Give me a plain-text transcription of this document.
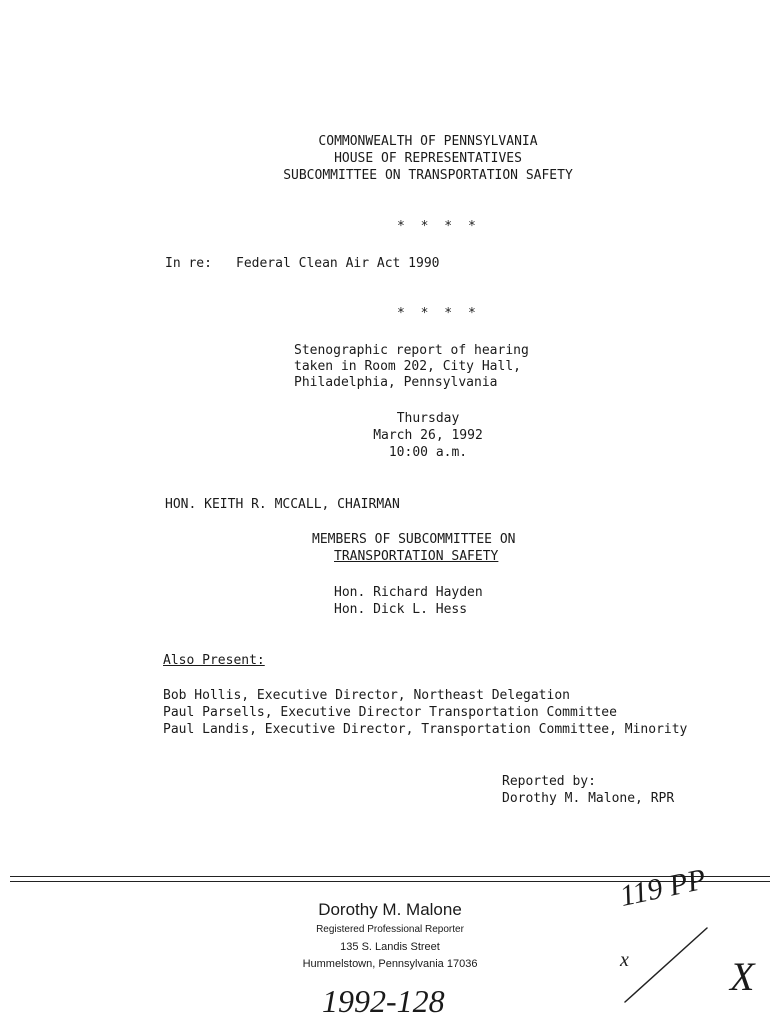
COMMONWEALTH OF PENNSYLVANIA
HOUSE OF REPRESENTATIVES
SUBCOMMITTEE ON TRANSPORTATION SAFETY
* * * *
In re: Federal Clean Air Act 1990
* * * *
Stenographic report of hearing
taken in Room 202, City Hall,
Philadelphia, Pennsylvania
Thursday
March 26, 1992
10:00 a.m.
HON. KEITH R. MCCALL, CHAIRMAN
MEMBERS OF SUBCOMMITTEE ON
TRANSPORTATION SAFETY
Hon. Richard Hayden
Hon. Dick L. Hess
Also Present:
Bob Hollis, Executive Director, Northeast Delegation
Paul Parsells, Executive Director Transportation Committee
Paul Landis, Executive Director, Transportation Committee, Minority
Reported by:
Dorothy M. Malone, RPR
Dorothy M. Malone
Registered Professional Reporter
135 S. Landis Street
Hummelstown, Pennsylvania 17036
1992-128
119 PP
x	X
